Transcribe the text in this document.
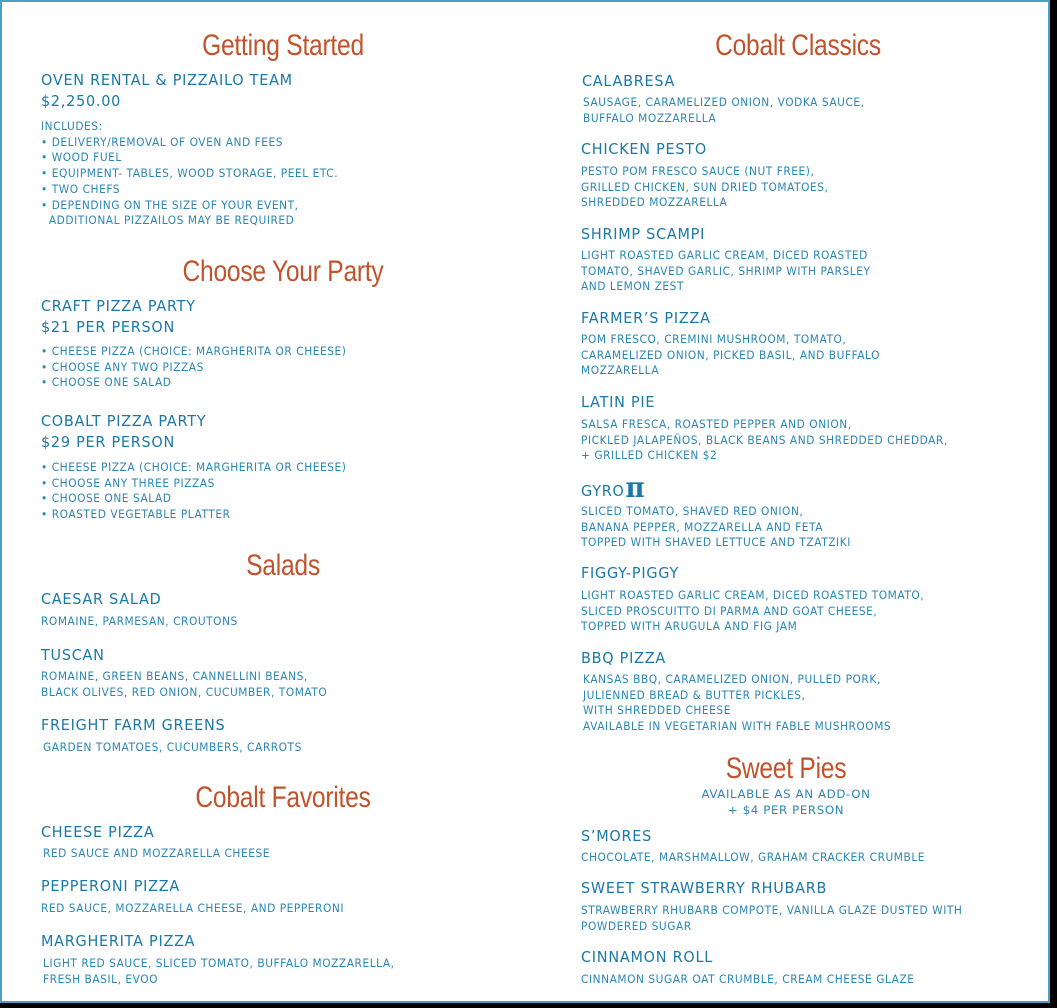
Getting Started
OVEN RENTAL & PIZZAILO TEAM
$2,250.00
INCLUDES:
• DELIVERY/REMOVAL OF OVEN AND FEES
• WOOD FUEL
• EQUIPMENT- TABLES, WOOD STORAGE, PEEL ETC.
• TWO CHEFS
• DEPENDING ON THE SIZE OF YOUR EVENT,
ADDITIONAL PIZZAILOS MAY BE REQUIRED
Choose Your Party
CRAFT PIZZA PARTY
$21 PER PERSON
• CHEESE PIZZA (CHOICE: MARGHERITA OR CHEESE)
• CHOOSE ANY TWO PIZZAS
• CHOOSE ONE SALAD
COBALT PIZZA PARTY
$29 PER PERSON
• CHEESE PIZZA (CHOICE: MARGHERITA OR CHEESE)
• CHOOSE ANY THREE PIZZAS
• CHOOSE ONE SALAD
• ROASTED VEGETABLE PLATTER
Salads
CAESAR SALAD
ROMAINE, PARMESAN, CROUTONS
TUSCAN
ROMAINE, GREEN BEANS, CANNELLINI BEANS,
BLACK OLIVES, RED ONION, CUCUMBER, TOMATO
FREIGHT FARM GREENS
GARDEN TOMATOES, CUCUMBERS, CARROTS
Cobalt Favorites
CHEESE PIZZA
RED SAUCE AND MOZZARELLA CHEESE
PEPPERONI PIZZA
RED SAUCE, MOZZARELLA CHEESE, AND PEPPERONI
MARGHERITA PIZZA
LIGHT RED SAUCE, SLICED TOMATO, BUFFALO MOZZARELLA,
FRESH BASIL, EVOO
Cobalt Classics
CALABRESA
SAUSAGE, CARAMELIZED ONION, VODKA SAUCE,
BUFFALO MOZZARELLA
CHICKEN PESTO
PESTO POM FRESCO SAUCE (NUT FREE),
GRILLED CHICKEN, SUN DRIED TOMATOES,
SHREDDED MOZZARELLA
SHRIMP SCAMPI
LIGHT ROASTED GARLIC CREAM, DICED ROASTED
TOMATO, SHAVED GARLIC, SHRIMP WITH PARSLEY
AND LEMON ZEST
FARMER’S PIZZA
POM FRESCO, CREMINI MUSHROOM, TOMATO,
CARAMELIZED ONION, PICKED BASIL, AND BUFFALO
MOZZARELLA
LATIN PIE
SALSA FRESCA, ROASTED PEPPER AND ONION,
PICKLED JALAPEÑOS, BLACK BEANS AND SHREDDED CHEDDAR,
+ GRILLED CHICKEN $2
GYROπ
SLICED TOMATO, SHAVED RED ONION,
BANANA PEPPER, MOZZARELLA AND FETA
TOPPED WITH SHAVED LETTUCE AND TZATZIKI
FIGGY-PIGGY
LIGHT ROASTED GARLIC CREAM, DICED ROASTED TOMATO,
SLICED PROSCUITTO DI PARMA AND GOAT CHEESE,
TOPPED WITH ARUGULA AND FIG JAM
BBQ PIZZA
KANSAS BBQ, CARAMELIZED ONION, PULLED PORK,
JULIENNED BREAD & BUTTER PICKLES,
WITH SHREDDED CHEESE
AVAILABLE IN VEGETARIAN WITH FABLE MUSHROOMS
Sweet Pies
AVAILABLE AS AN ADD-ON
+ $4 PER PERSON
S’MORES
CHOCOLATE, MARSHMALLOW, GRAHAM CRACKER CRUMBLE
SWEET STRAWBERRY RHUBARB
STRAWBERRY RHUBARB COMPOTE, VANILLA GLAZE DUSTED WITH
POWDERED SUGAR
CINNAMON ROLL
CINNAMON SUGAR OAT CRUMBLE, CREAM CHEESE GLAZE
